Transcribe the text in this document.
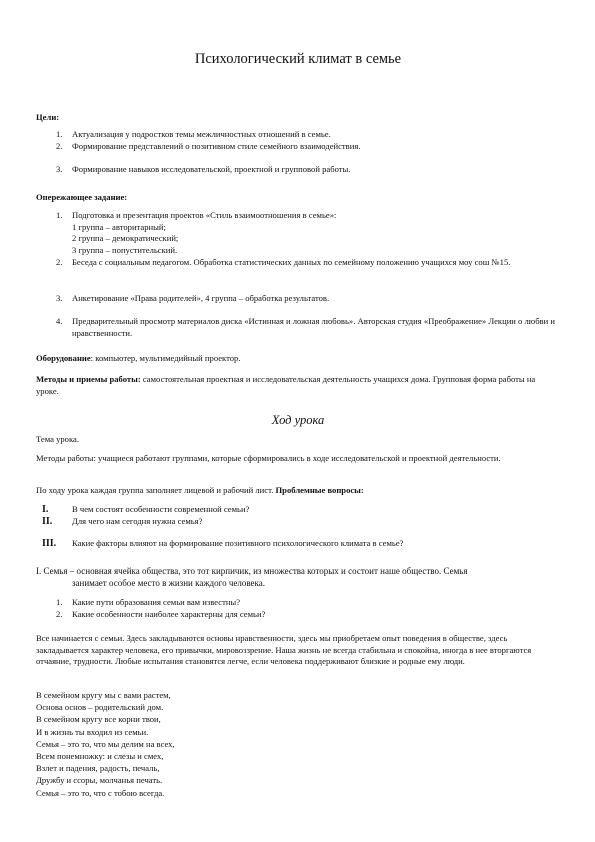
Психологический климат в семье
Цели:
1. Актуализация у подростков темы межличностных отношений в семье.
2. Формирование представлений о позитивном стиле семейного взаимодействия.
3. Формирование навыков исследовательской, проектной и групповой работы.
Опережающее задание:
1. Подготовка и презентация проектов «Стиль взаимоотношения в семье»:
1 группа – авторитарный;
2 группа – демократический;
3 группа – попустительский.
2. Беседа с социальным педагогом. Обработка статистических данных по семейному положению учащихся моу сош №15.
3. Анкетирование «Права родителей», 4 группа – обработка результатов.
4. Предварительный просмотр материалов диска «Истинная и ложная любовь». Авторская студия «Преображение» Лекции о любви и нравственности.
Оборудование: компьютер, мультимедийный проектор.
Методы и приемы работы: самостоятельная проектная и исследовательская деятельность учащихся дома. Групповая форма работы на уроке.
Ход урока
Тема урока.
Методы работы: учащиеся работают группами, которые сформировались в ходе исследовательской и проектной деятельности.
По ходу урока каждая группа заполняет лицевой и рабочий лист. Проблемные вопросы:
I.	В чем состоят особенности современной семьи?
II. Для чего нам сегодня нужна семья?
III. Какие факторы влияют на формирование позитивного психологического климата в семье?
I. Семья – основная ячейка общества, это тот кирпичик, из множества которых и состоит наше общество. Семья
занимает особое место в жизни каждого человека.
1. Какие пути образования семьи вам известны?
2. Какие особенности наиболее характерны для семьи?
Все начинается с семьи. Здесь закладываются основы нравственности, здесь мы приобретаем опыт поведения в обществе, здесь закладывается характер человека, его привычки, мировоззрение. Наша жизнь не всегда стабильна и спокойна, иногда в нее вторгаются отчаяние, трудности. Любые испытания становятся легче, если человека поддерживают близкие и родные ему люди.
В семейном кругу мы с вами растем,
Основа основ – родительский дом.
В семейном кругу все корни твои,
И в жизнь ты входил из семьи.
Семья – это то, что мы делим на всех,
Всем понемножку: и слезы и смех,
Взлет и падения, радость, печаль,
Дружбу и ссоры, молчанья печать.
Семья – это то, что с тобою всегда.
